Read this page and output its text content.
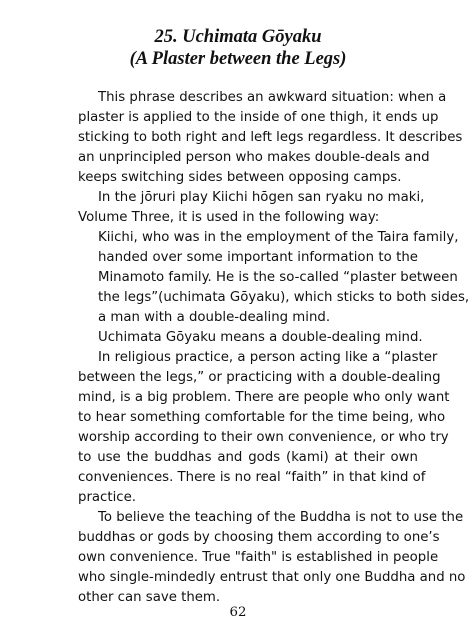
25. Uchimata Gōyaku
(A Plaster between the Legs)
This phrase describes an awkward situation: when a
plaster is applied to the inside of one thigh, it ends up
sticking to both right and left legs regardless. It describes
an unprincipled person who makes double-deals and
keeps switching sides between opposing camps.
In the jōruri play Kiichi hōgen san ryaku no maki,
Volume Three, it is used in the following way:
Kiichi, who was in the employment of the Taira family,
handed over some important information to the
Minamoto family. He is the so-called “plaster between
the legs”(uchimata Gōyaku), which sticks to both sides,
a man with a double-dealing mind.
Uchimata Gōyaku means a double-dealing mind.
In religious practice, a person acting like a “plaster
between the legs,” or practicing with a double-dealing
mind, is a big problem. There are people who only want
to hear something comfortable for the time being, who
worship according to their own convenience, or who try
to use the buddhas and gods (kami) at their own
conveniences. There is no real “faith” in that kind of
practice.
To believe the teaching of the Buddha is not to use the
buddhas or gods by choosing them according to one’s
own convenience. True "faith" is established in people
who single-mindedly entrust that only one Buddha and no
other can save them.
62
